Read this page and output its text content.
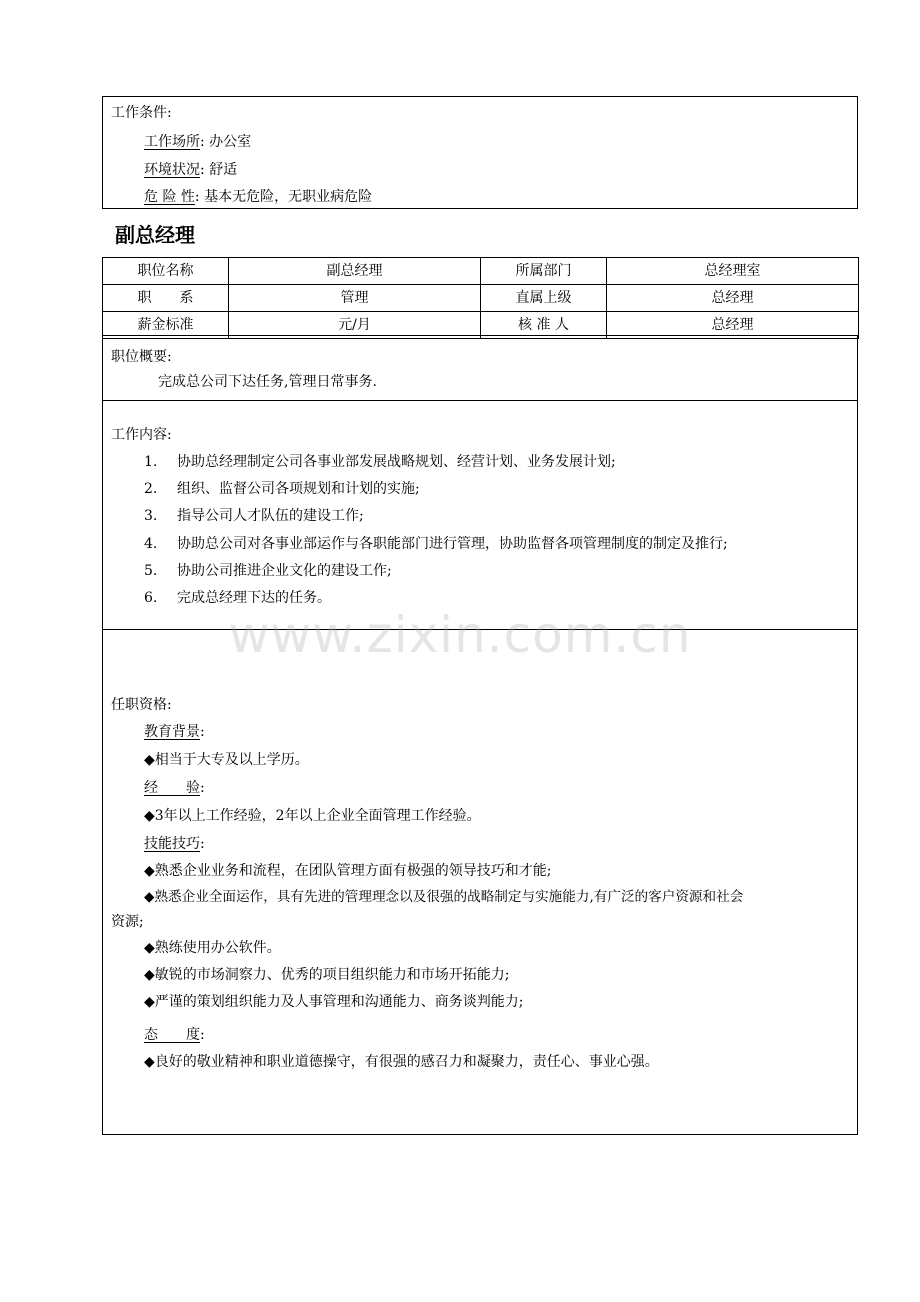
工作条件:
工作场所: 办公室
环境状况: 舒适
危 险 性: 基本无危险，无职业病危险
副总经理
职位名称	副总经理	所属部门	总经理室
职　　系	管理	直属上级	总经理
薪金标准	元/月	核 准 人	总经理
职位概要:
完成总公司下达任务,管理日常事务.
工作内容:
1. 协助总经理制定公司各事业部发展战略规划、经营计划、业务发展计划;
2. 组织、监督公司各项规划和计划的实施;
3. 指导公司人才队伍的建设工作;
4. 协助总公司对各事业部运作与各职能部门进行管理，协助监督各项管理制度的制定及推行;
5. 协助公司推进企业文化的建设工作;
6. 完成总经理下达的任务。
www.zixin.com.cn
任职资格:
教育背景:
◆相当于大专及以上学历。
经　　验:
◆3年以上工作经验，2年以上企业全面管理工作经验。
技能技巧:
◆熟悉企业业务和流程，在团队管理方面有极强的领导技巧和才能;
◆熟悉企业全面运作，具有先进的管理理念以及很强的战略制定与实施能力,有广泛的客户资源和社会
资源;
◆熟练使用办公软件。
◆敏锐的市场洞察力、优秀的项目组织能力和市场开拓能力;
◆严谨的策划组织能力及人事管理和沟通能力、商务谈判能力;
态　　度:
◆良好的敬业精神和职业道德操守，有很强的感召力和凝聚力，责任心、事业心强。
